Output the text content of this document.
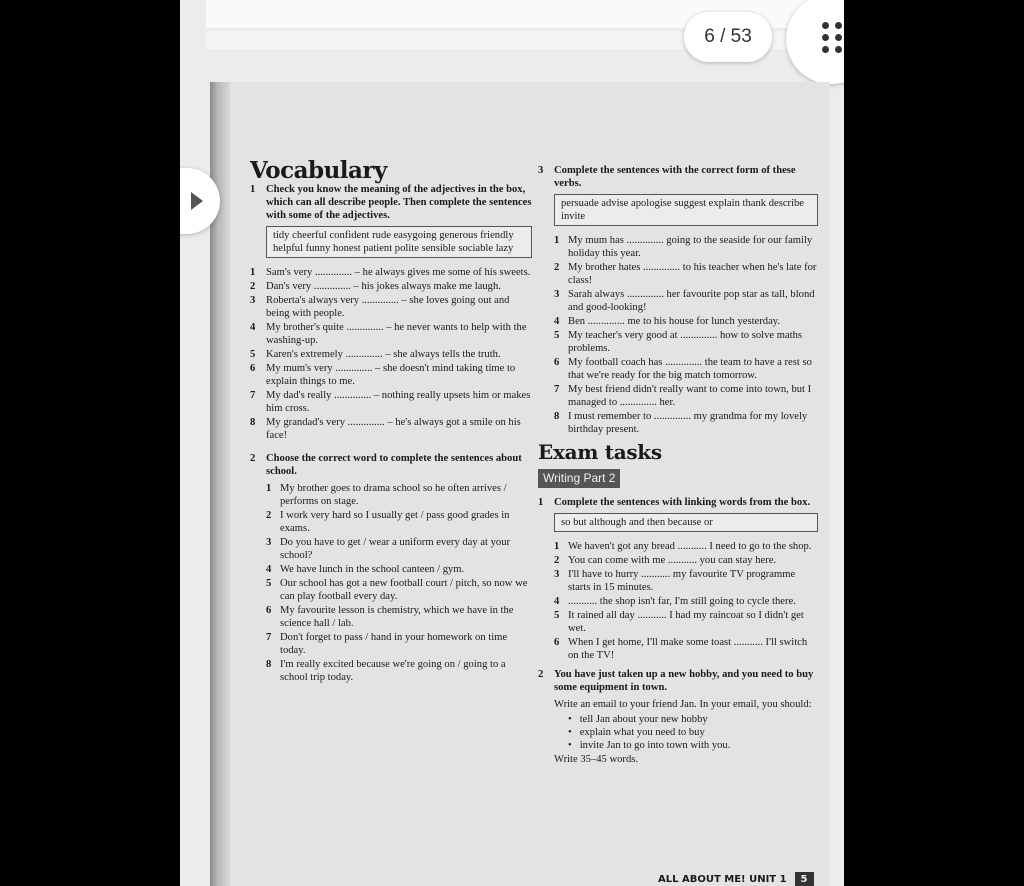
6 / 53
Vocabulary
1	Check you know the meaning of the adjectives in the box, which can all describe people. Then complete the sentences with some of the adjectives.
tidy cheerful confident rude easygoing generous friendly helpful funny honest patient polite sensible sociable lazy
1	Sam's very .............. – he always gives me some of his sweets.
2	Dan's very .............. – his jokes always make me laugh.
3	Roberta's always very .............. – she loves going out and being with people.
4	My brother's quite .............. – he never wants to help with the washing-up.
5	Karen's extremely .............. – she always tells the truth.
6	My mum's very .............. – she doesn't mind taking time to explain things to me.
7	My dad's really .............. – nothing really upsets him or makes him cross.
8	My grandad's very .............. – he's always got a smile on his face!
2	Choose the correct word to complete the sentences about school.
1 My brother goes to drama school so he often arrives / performs on stage.
2 I work very hard so I usually get / pass good grades in exams.
3 Do you have to get / wear a uniform every day at your school?
4 We have lunch in the school canteen / gym.
5 Our school has got a new football court / pitch, so now we can play football every day.
6 My favourite lesson is chemistry, which we have in the science hall / lab.
7 Don't forget to pass / hand in your homework on time today.
8 I'm really excited because we're going on / going to a school trip today.
3	Complete the sentences with the correct form of these verbs.
persuade advise apologise suggest explain thank describe invite
1 My mum has .............. going to the seaside for our family holiday this year.
2 My brother hates .............. to his teacher when he's late for class!
3 Sarah always .............. her favourite pop star as tall, blond and good-looking!
4 Ben .............. me to his house for lunch yesterday.
5 My teacher's very good at .............. how to solve maths problems.
6 My football coach has .............. the team to have a rest so that we're ready for the big match tomorrow.
7 My best friend didn't really want to come into town, but I managed to .............. her.
8 I must remember to .............. my grandma for my lovely birthday present.
Exam tasks
Writing Part 2
1	Complete the sentences with linking words from the box.
so but although and then because or
1 We haven't got any bread ........... I need to go to the shop.
2 You can come with me ........... you can stay here.
3 I'll have to hurry ........... my favourite TV programme starts in 15 minutes.
4 ........... the shop isn't far, I'm still going to cycle there.
5 It rained all day ........... I had my raincoat so I didn't get wet.
6 When I get home, I'll make some toast ........... I'll switch on the TV!
2	You have just taken up a new hobby, and you need to buy some equipment in town.
Write an email to your friend Jan. In your email, you should:
• tell Jan about your new hobby
• explain what you need to buy
• invite Jan to go into town with you.
Write 35–45 words.
ALL ABOUT ME! UNIT 1	5
